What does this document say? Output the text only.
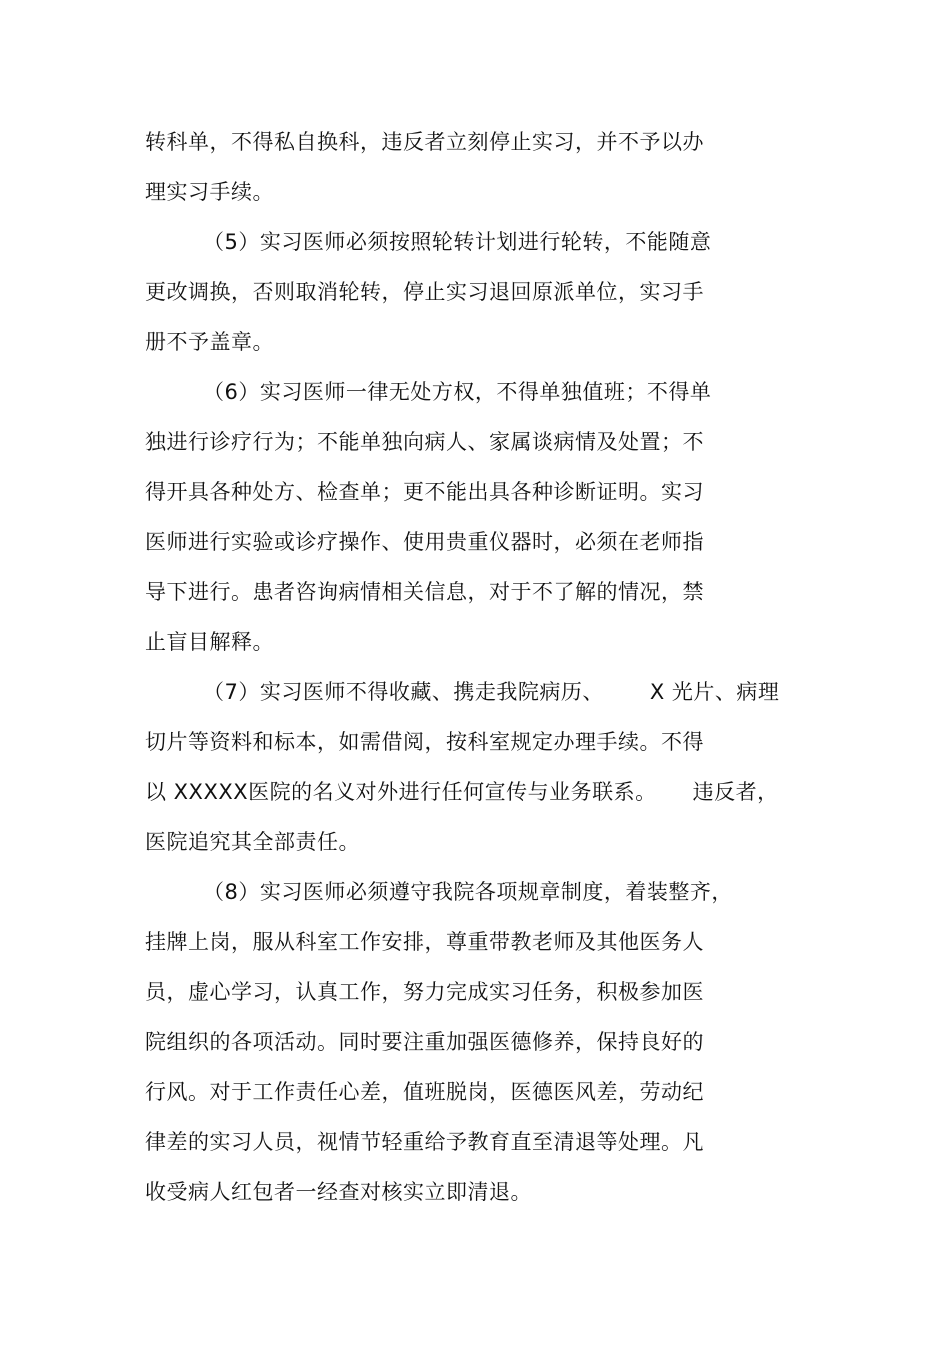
转科单，不得私自换科，违反者立刻停止实习，并不予以办
理实习手续。
（5）实习医师必须按照轮转计划进行轮转，不能随意
更改调换，否则取消轮转，停止实习退回原派单位，实习手
册不予盖章。
（6）实习医师一律无处方权，不得单独值班；不得单
独进行诊疗行为；不能单独向病人、家属谈病情及处置；不
得开具各种处方、检查单；更不能出具各种诊断证明。实习
医师进行实验或诊疗操作、使用贵重仪器时，必须在老师指
导下进行。患者咨询病情相关信息，对于不了解的情况，禁
止盲目解释。
（7）实习医师不得收藏、携走我院病历、 X 光片、病理
切片等资料和标本，如需借阅，按科室规定办理手续。不得
以 XXXXX医院的名义对外进行任何宣传与业务联系。 违反者，
医院追究其全部责任。
（8）实习医师必须遵守我院各项规章制度，着装整齐，
挂牌上岗，服从科室工作安排，尊重带教老师及其他医务人
员，虚心学习，认真工作，努力完成实习任务，积极参加医
院组织的各项活动。同时要注重加强医德修养，保持良好的
行风。对于工作责任心差，值班脱岗，医德医风差，劳动纪
律差的实习人员，视情节轻重给予教育直至清退等处理。凡
收受病人红包者一经查对核实立即清退。
